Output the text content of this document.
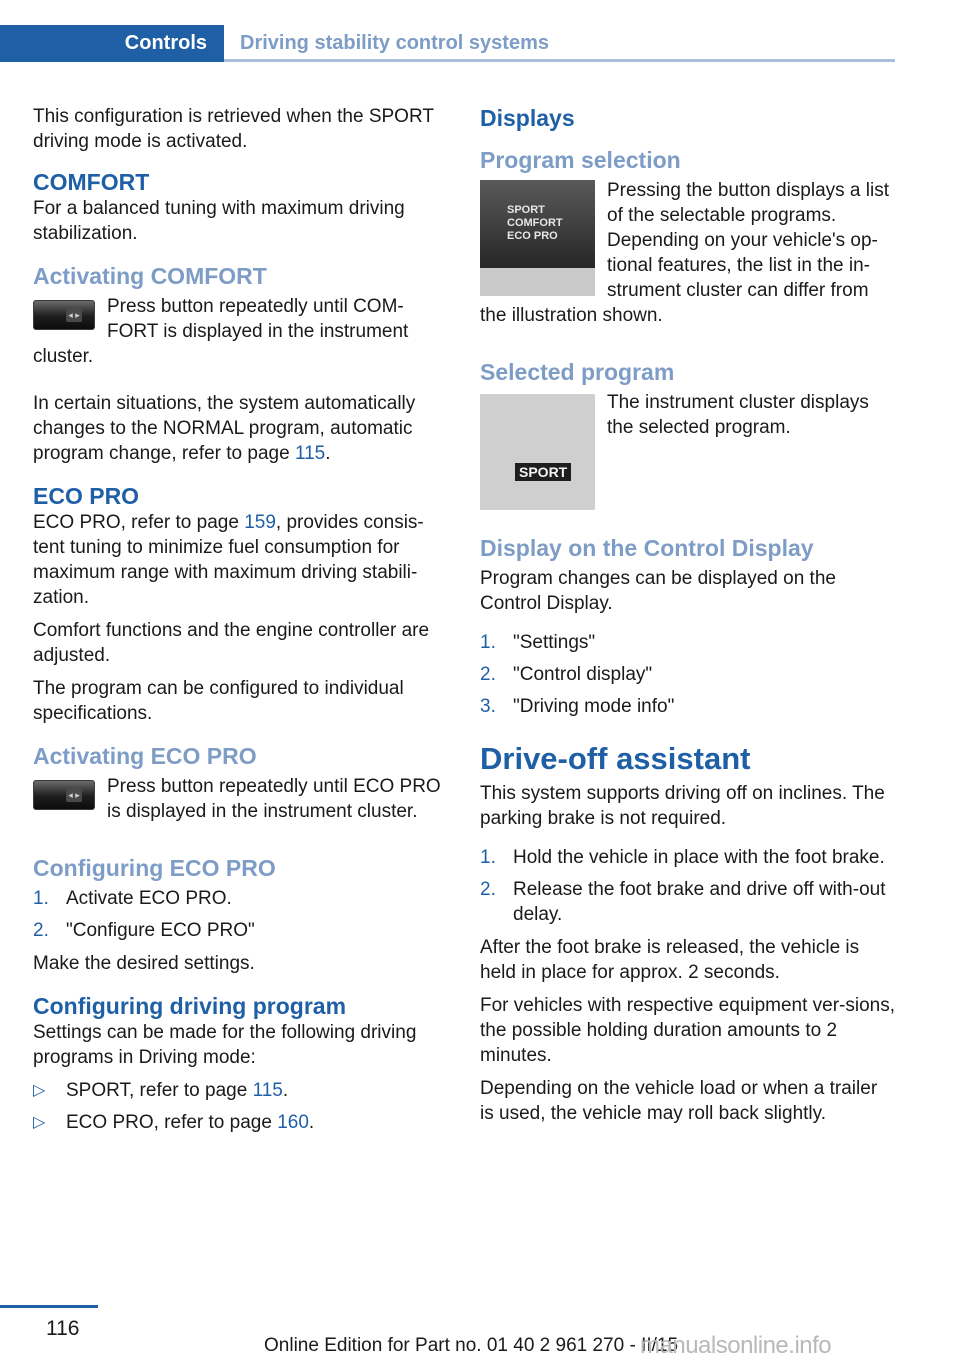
Controls	Driving stability control systems

This configuration is retrieved when the SPORT driving mode is activated.

COMFORT

For a balanced tuning with maximum driving stabilization.

Activating COMFORT
◂ ▸	Press button repeatedly until COM‐FORT is displayed in the instrument cluster.

In certain situations, the system automatically changes to the NORMAL program, automatic program change, refer to page 115.

ECO PRO

ECO PRO, refer to page 159, provides consis‐tent tuning to minimize fuel consumption for maximum range with maximum driving stabili‐zation.

Comfort functions and the engine controller are adjusted.

The program can be configured to individual specifications.

Activating ECO PRO
◂ ▸	Press button repeatedly until ECO PRO is displayed in the instrument cluster.

Configuring ECO PRO
1. Activate ECO PRO.
2. "Configure ECO PRO"

Make the desired settings.

Configuring driving program

Settings can be made for the following driving programs in Driving mode:

▷ SPORT, refer to page 115.
▷ ECO PRO, refer to page 160.
Displays
Program selection
SPORT
COMFORT
ECO PRO

Pressing the button displays a list of the selectable programs. Depending on your vehicle's op‐tional features, the list in the in‐strument cluster can differ from the illustration shown.

Selected program
SPORT

The instrument cluster displays the selected program.

Display on the Control Display

Program changes can be displayed on the Control Display.

1. "Settings"
2. "Control display"
3. "Driving mode info"
Drive-off assistant

This system supports driving off on inclines. The parking brake is not required.

1. Hold the vehicle in place with the foot brake.
2. Release the foot brake and drive off with‐out delay.

After the foot brake is released, the vehicle is held in place for approx. 2 seconds.

For vehicles with respective equipment ver‐sions, the possible holding duration amounts to 2 minutes.

Depending on the vehicle load or when a trailer is used, the vehicle may roll back slightly.

116
Online Edition for Part no. 01 40 2 961 270 - II/15
manualsonline.info
